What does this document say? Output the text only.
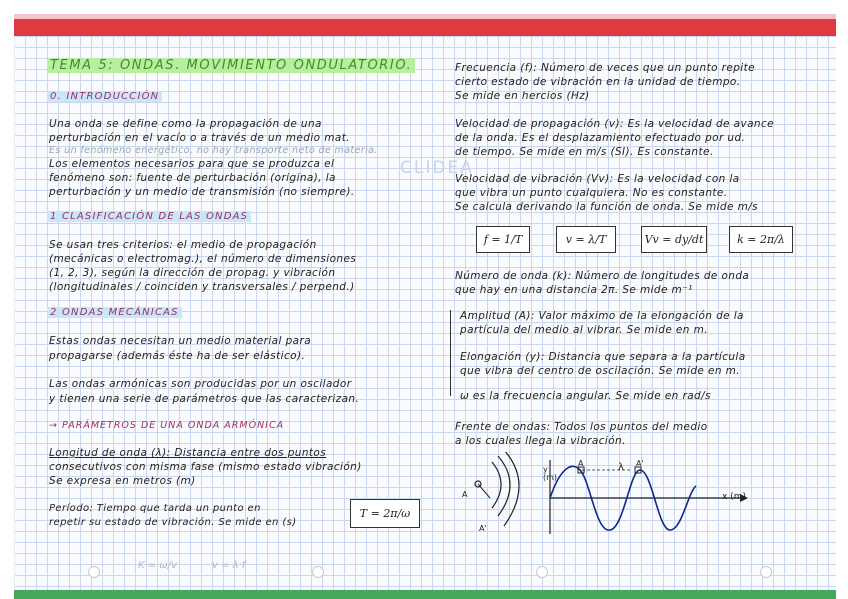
TEMA 5: ONDAS. MOVIMIENTO ONDULATORIO.
0. INTRODUCCIÓN
Una onda se define como la propagación de una
perturbación en el vacío o a través de un medio mat.
Es un fenómeno energético, no hay transporte neto de materia.
Los elementos necesarios para que se produzca el
fenómeno son: fuente de perturbación (origina), la
perturbación y un medio de transmisión (no siempre).
1 CLASIFICACIÓN DE LAS ONDAS
Se usan tres criterios: el medio de propagación
(mecánicas o electromag.), el número de dimensiones
(1, 2, 3), según la dirección de propag. y vibración
(longitudinales / coinciden y transversales / perpend.)
2 ONDAS MECÁNICAS
Estas ondas necesitan un medio material para
propagarse (además éste ha de ser elástico).
Las ondas armónicas son producidas por un oscilador
y tienen una serie de parámetros que las caracterizan.
→ PARÁMETROS DE UNA ONDA ARMÓNICA
Longitud de onda (λ): Distancia entre dos puntos
consecutivos con misma fase (mismo estado vibración)
Se expresa en metros (m)
Período: Tiempo que tarda un punto en
repetir su estado de vibración. Se mide en (s)
T = 2π/ω
Frecuencia (f): Número de veces que un punto repite
cierto estado de vibración en la unidad de tiempo.
Se mide en hercios (Hz)
Velocidad de propagación (v): Es la velocidad de avance
de la onda. Es el desplazamiento efectuado por ud.
de tiempo. Se mide en m/s (SI). Es constante.
Velocidad de vibración (Vv): Es la velocidad con la
que vibra un punto cualquiera. No es constante.
Se calcula derivando la función de onda. Se mide m/s
f = 1/T	v = λ/T	Vv = dy/dt	k = 2π/λ
Número de onda (k): Número de longitudes de onda
que hay en una distancia 2π. Se mide m⁻¹
Amplitud (A): Valor máximo de la elongación de la
partícula del medio al vibrar. Se mide en m.
Elongación (y): Distancia que separa a la partícula
que vibra del centro de oscilación. Se mide en m.
ω es la frecuencia angular. Se mide en rad/s
Frente de ondas: Todos los puntos del medio
a los cuales llega la vibración.
A
A'
y (m)
x (m)
λ
A	A'
CLIDEA
K = ω/v	v = λ·f
